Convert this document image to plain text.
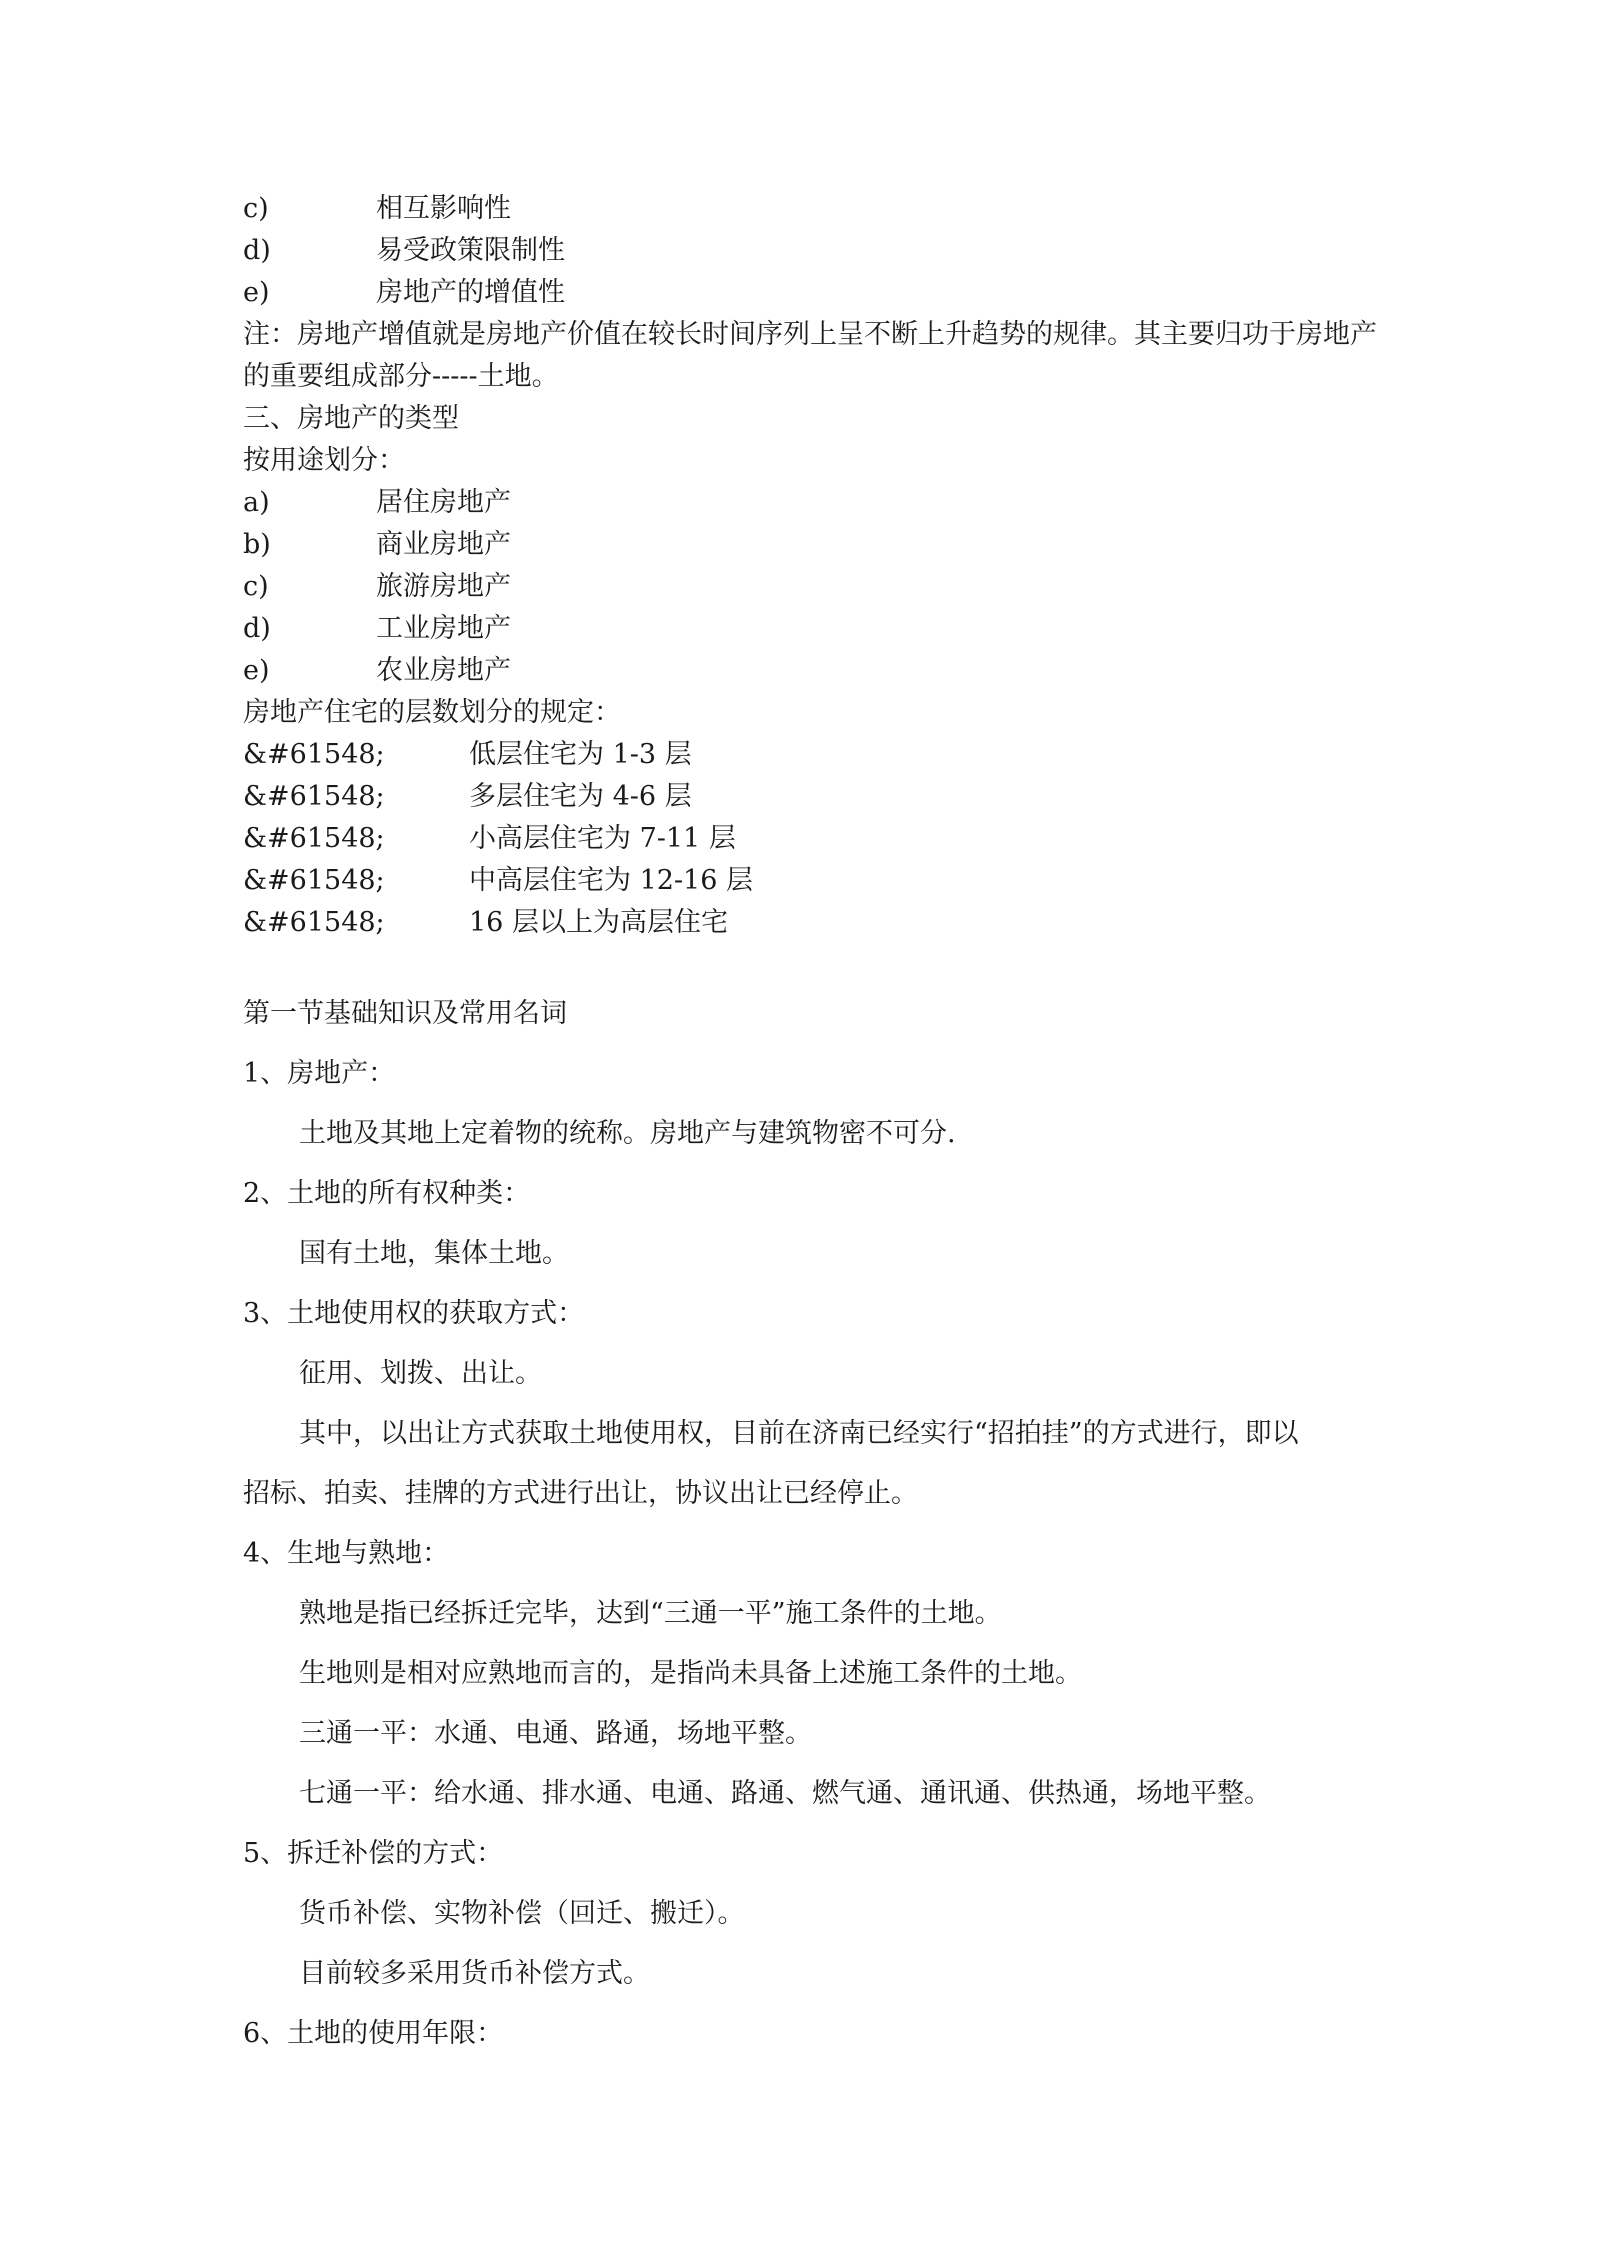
c)	相互影响性
d)	易受政策限制性
e)	房地产的增值性
注：房地产增值就是房地产价值在较长时间序列上呈不断上升趋势的规律。其主要归功于房地产的重要组成部分-----土地。
三、房地产的类型
按用途划分：
a)	居住房地产
b)	商业房地产
c)	旅游房地产
d)	工业房地产
e)	农业房地产
房地产住宅的层数划分的规定：
&#61548;	低层住宅为 1-3 层
&#61548;	多层住宅为 4-6 层
&#61548;	小高层住宅为 7-11 层
&#61548;	中高层住宅为 12-16 层
&#61548;	16 层以上为高层住宅
第一节基础知识及常用名词
1、房地产：
土地及其地上定着物的统称。房地产与建筑物密不可分.
2、土地的所有权种类：
国有土地，集体土地。
3、土地使用权的获取方式：
征用、划拨、出让。
其中，以出让方式获取土地使用权，目前在济南已经实行“招拍挂”的方式进行，即以
招标、拍卖、挂牌的方式进行出让，协议出让已经停止。
4、生地与熟地：
熟地是指已经拆迁完毕，达到“三通一平”施工条件的土地。
生地则是相对应熟地而言的，是指尚未具备上述施工条件的土地。
三通一平：水通、电通、路通，场地平整。
七通一平：给水通、排水通、电通、路通、燃气通、通讯通、供热通，场地平整。
5、拆迁补偿的方式：
货币补偿、实物补偿（回迁、搬迁）。
目前较多采用货币补偿方式。
6、土地的使用年限：
